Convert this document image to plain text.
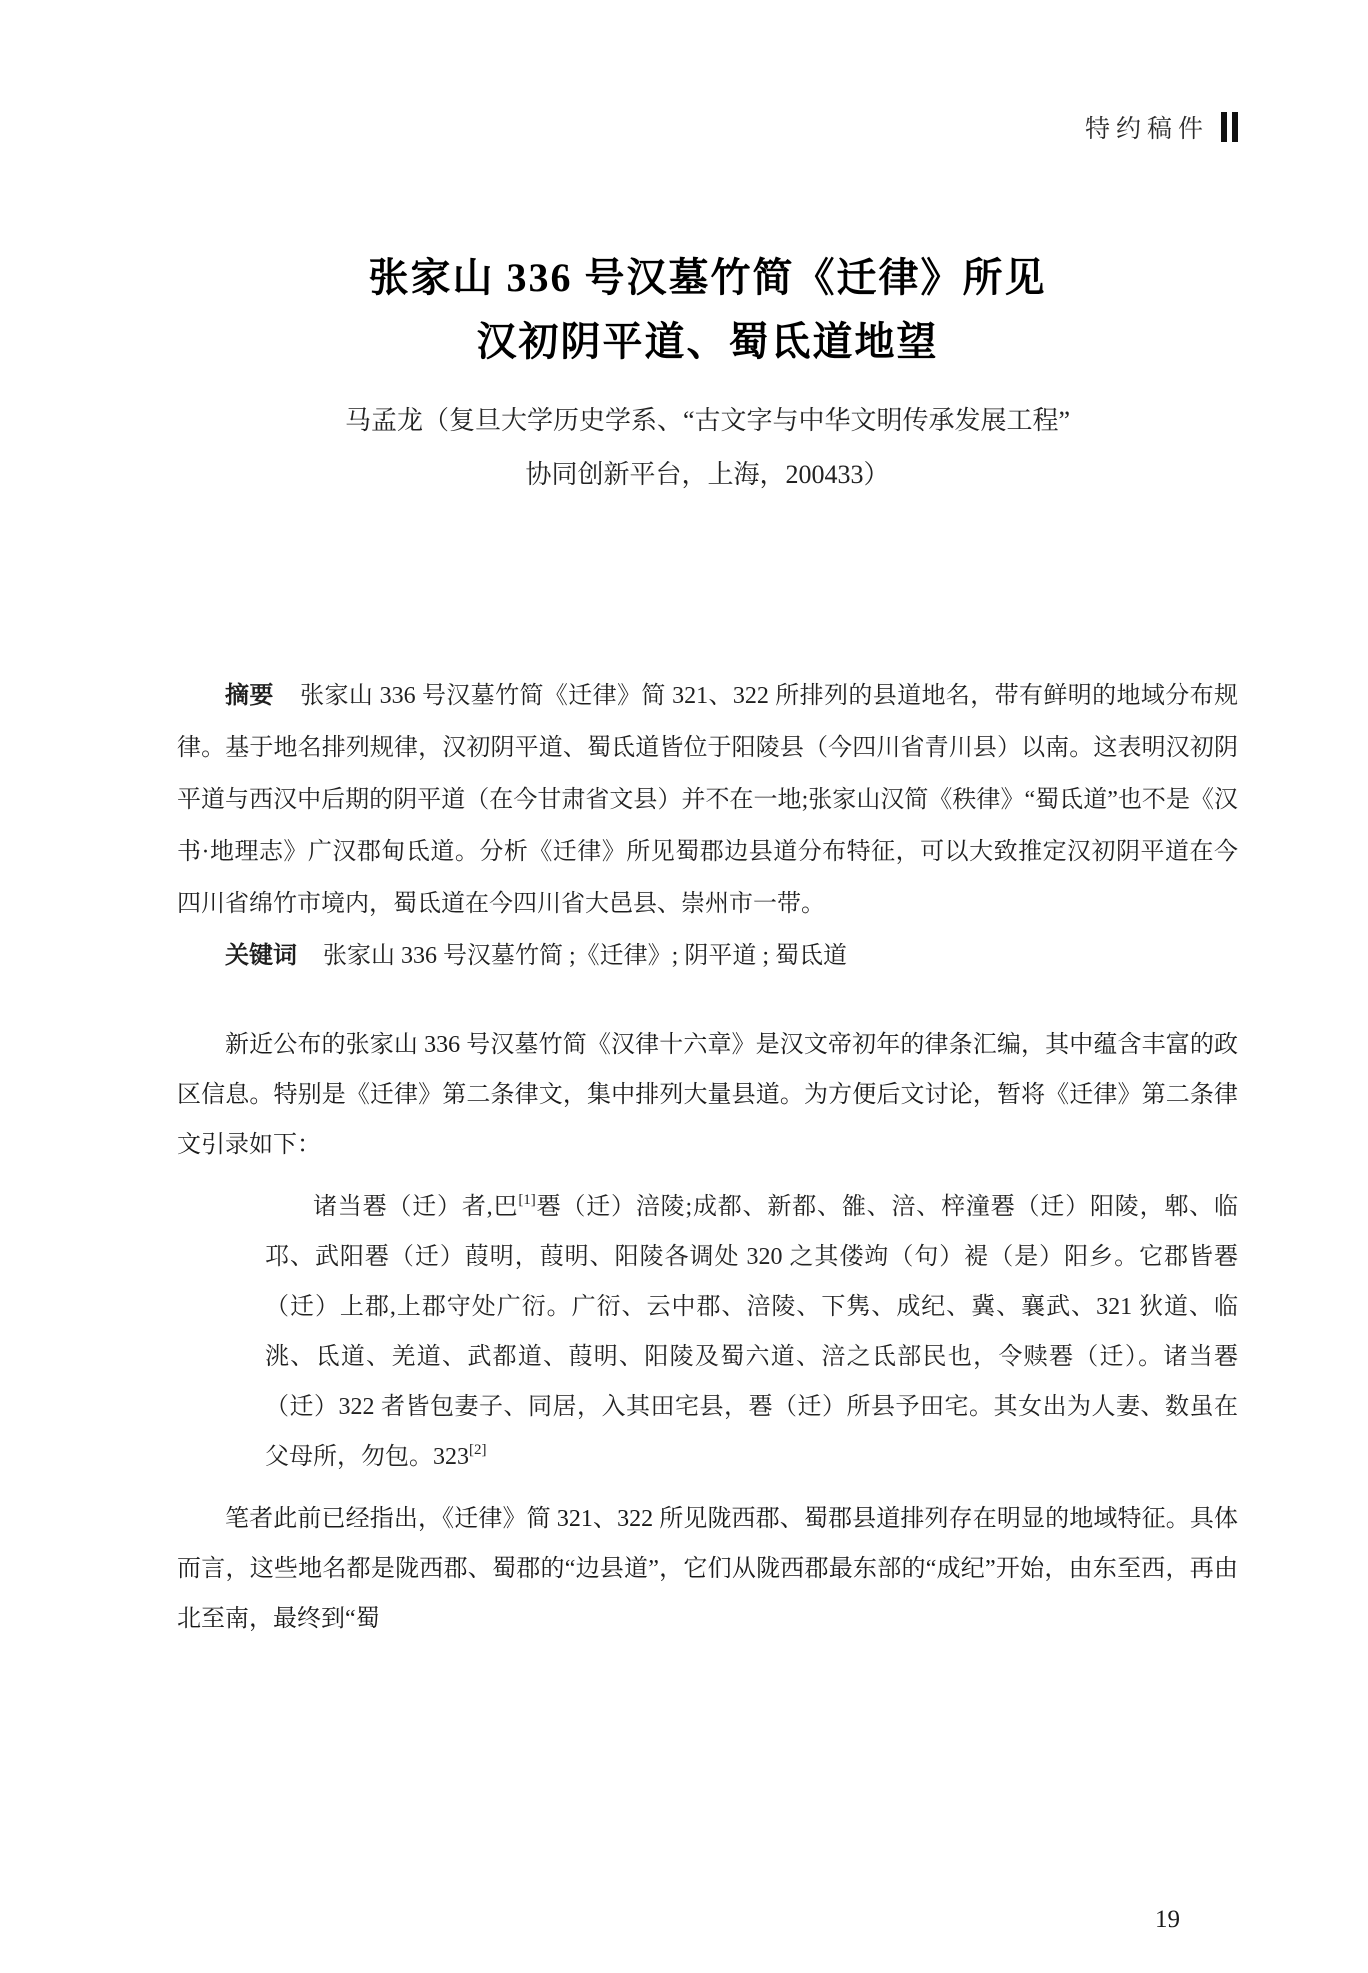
特约稿件
张家山 336 号汉墓竹简《迁律》所见
汉初阴平道、蜀氐道地望
马孟龙（复旦大学历史学系、“古文字与中华文明传承发展工程”
协同创新平台，上海，200433）

摘要 张家山 336 号汉墓竹简《迁律》简 321、322 所排列的县道地名，带有鲜明的地域分布规律。基于地名排列规律，汉初阴平道、蜀氐道皆位于阳陵县（今四川省青川县）以南。这表明汉初阴平道与西汉中后期的阴平道（在今甘肃省文县）并不在一地;张家山汉简《秩律》“蜀氐道”也不是《汉书·地理志》广汉郡甸氐道。分析《迁律》所见蜀郡边县道分布特征，可以大致推定汉初阴平道在今四川省绵竹市境内，蜀氐道在今四川省大邑县、崇州市一带。

关键词 张家山 336 号汉墓竹简 ;《迁律》; 阴平道 ; 蜀氐道

新近公布的张家山 336 号汉墓竹简《汉律十六章》是汉文帝初年的律条汇编，其中蕴含丰富的政区信息。特别是《迁律》第二条律文，集中排列大量县道。为方便后文讨论，暂将《迁律》第二条律文引录如下：

诸当䙴（迁）者,巴[1]䙴（迁）涪陵;成都、新都、雒、涪、梓潼䙴（迁）阳陵，郫、临邛、武阳䙴（迁）葭明，葭明、阳陵各调处 320 之其偻竘（句）褆（是）阳乡。它郡皆䙴（迁）上郡,上郡守处广衍。广衍、云中郡、涪陵、下隽、成纪、冀、襄武、321 狄道、临洮、氐道、羌道、武都道、葭明、阳陵及蜀六道、涪之氐部民也，令赎䙴（迁）。诸当䙴（迁）322 者皆包妻子、同居，入其田宅县，䙴（迁）所县予田宅。其女出为人妻、数虽在父母所，勿包。323[2]

笔者此前已经指出，《迁律》简 321、322 所见陇西郡、蜀郡县道排列存在明显的地域特征。具体而言，这些地名都是陇西郡、蜀郡的“边县道”，它们从陇西郡最东部的“成纪”开始，由东至西，再由北至南，最终到“蜀

19
